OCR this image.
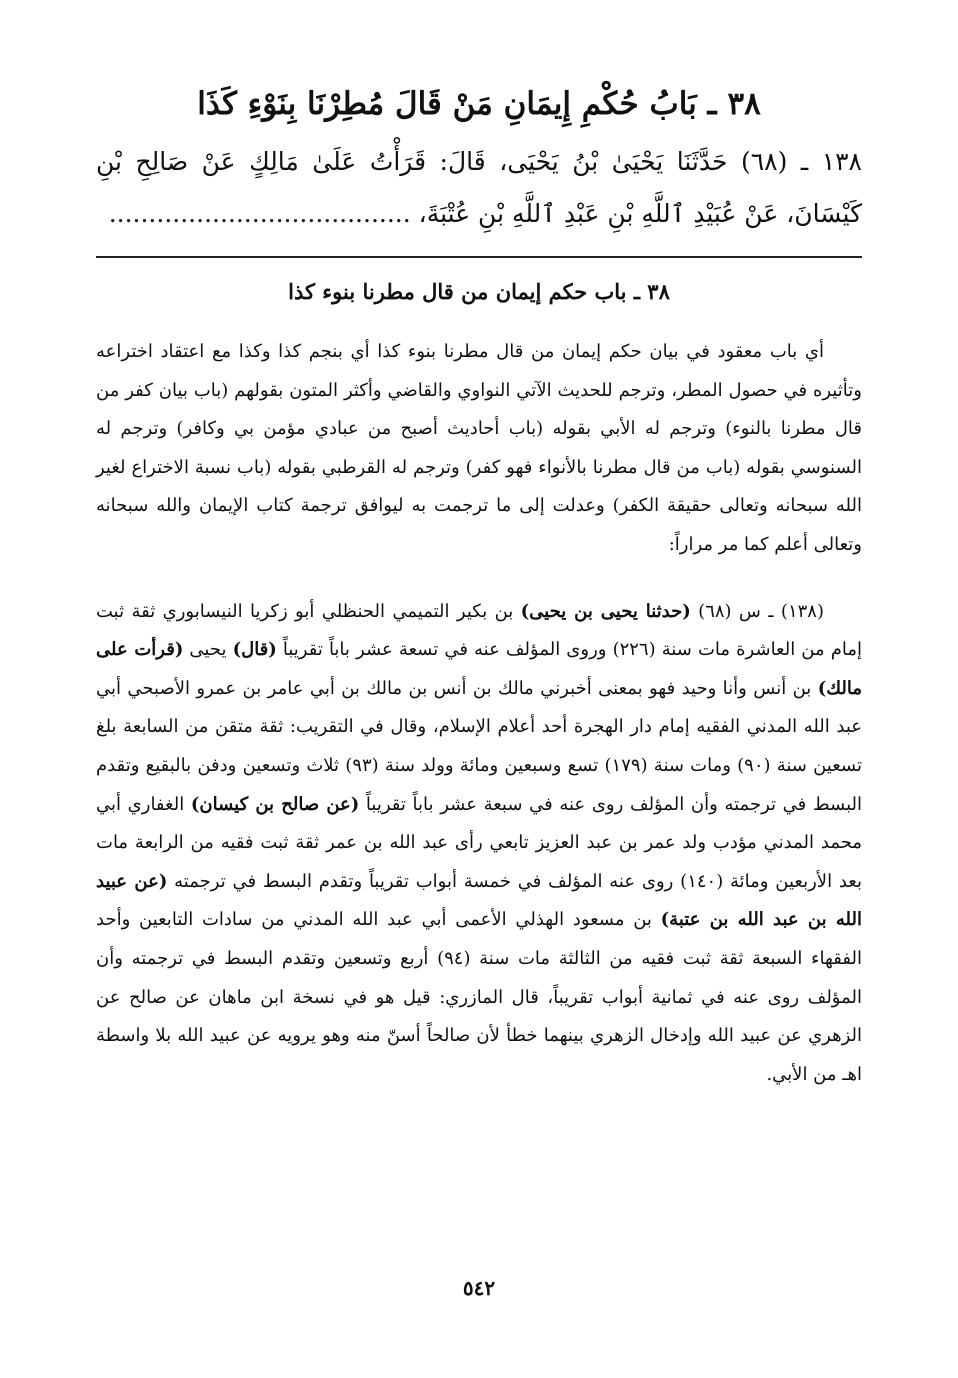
٣٨ ـ بَابُ حُكْمِ إِيمَانِ مَنْ قَالَ مُطِرْنَا بِنَوْءِ كَذَا

١٣٨ ـ (٦٨) حَدَّثَنَا يَحْيَىٰ بْنُ يَحْيَى، قَالَ: قَرَأْتُ عَلَىٰ مَالِكٍ عَنْ صَالِحِ بْنِ كَيْسَانَ، عَنْ عُبَيْدِ ٱللَّهِ بْنِ عَبْدِ ٱللَّهِ بْنِ عُتْبَةَ، ......................................

٣٨ ـ باب حكم إيمان من قال مطرنا بنوء كذا

أي باب معقود في بيان حكم إيمان من قال مطرنا بنوء كذا أي بنجم كذا وكذا مع اعتقاد اختراعه وتأثيره في حصول المطر، وترجم للحديث الآتي النواوي والقاضي وأكثر المتون بقولهم (باب بيان كفر من قال مطرنا بالنوء) وترجم له الأبي بقوله (باب أحاديث أصبح من عبادي مؤمن بي وكافر) وترجم له السنوسي بقوله (باب من قال مطرنا بالأنواء فهو كفر) وترجم له القرطبي بقوله (باب نسبة الاختراع لغير الله سبحانه وتعالى حقيقة الكفر) وعدلت إلى ما ترجمت به ليوافق ترجمة كتاب الإيمان والله سبحانه وتعالى أعلم كما مر مراراً:

(١٣٨) ـ س (٦٨) (حدثنا يحيى بن يحيى) بن بكير التميمي الحنظلي أبو زكريا النيسابوري ثقة ثبت إمام من العاشرة مات سنة (٢٢٦) وروى المؤلف عنه في تسعة عشر باباً تقريباً (قال) يحيى (قرأت على مالك) بن أنس وأنا وحيد فهو بمعنى أخبرني مالك بن أنس بن مالك بن أبي عامر بن عمرو الأصبحي أبي عبد الله المدني الفقيه إمام دار الهجرة أحد أعلام الإسلام، وقال في التقريب: ثقة متقن من السابعة بلغ تسعين سنة (٩٠) ومات سنة (١٧٩) تسع وسبعين ومائة وولد سنة (٩٣) ثلاث وتسعين ودفن بالبقيع وتقدم البسط في ترجمته وأن المؤلف روى عنه في سبعة عشر باباً تقريباً (عن صالح بن كيسان) الغفاري أبي محمد المدني مؤدب ولد عمر بن عبد العزيز تابعي رأى عبد الله بن عمر ثقة ثبت فقيه من الرابعة مات بعد الأربعين ومائة (١٤٠) روى عنه المؤلف في خمسة أبواب تقريباً وتقدم البسط في ترجمته (عن عبيد الله بن عبد الله بن عتبة) بن مسعود الهذلي الأعمى أبي عبد الله المدني من سادات التابعين وأحد الفقهاء السبعة ثقة ثبت فقيه من الثالثة مات سنة (٩٤) أربع وتسعين وتقدم البسط في ترجمته وأن المؤلف روى عنه في ثمانية أبواب تقريباً، قال المازري: قيل هو في نسخة ابن ماهان عن صالح عن الزهري عن عبيد الله وإدخال الزهري بينهما خطأ لأن صالحاً أسنّ منه وهو يرويه عن عبيد الله بلا واسطة اهـ من الأبي.

٥٤٢
